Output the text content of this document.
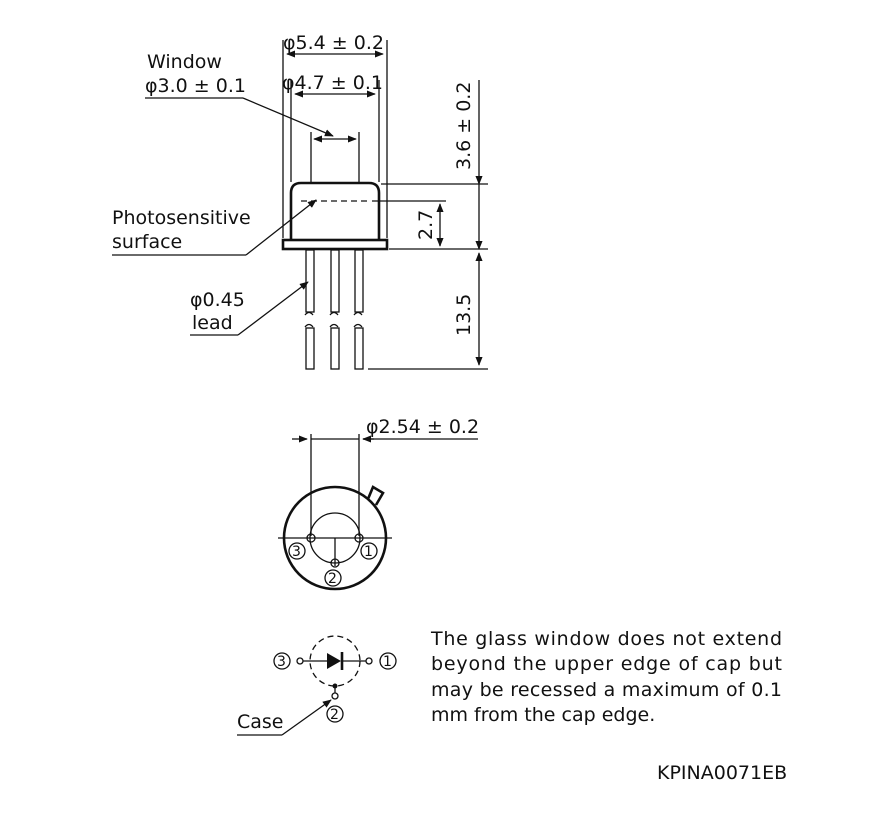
φ5.4 ± 0.2
φ4.7 ± 0.1
Window
φ3.0 ± 0.1
Photosensitive
surface
φ0.45
lead
3.6 ± 0.2
2.7
13.5
φ2.54 ± 0.2
3	1
2
3	1
2
Case
The glass window does not extend
beyond the upper edge of cap but
may be recessed a maximum of 0.1
mm from the cap edge.
KPINA0071EB
